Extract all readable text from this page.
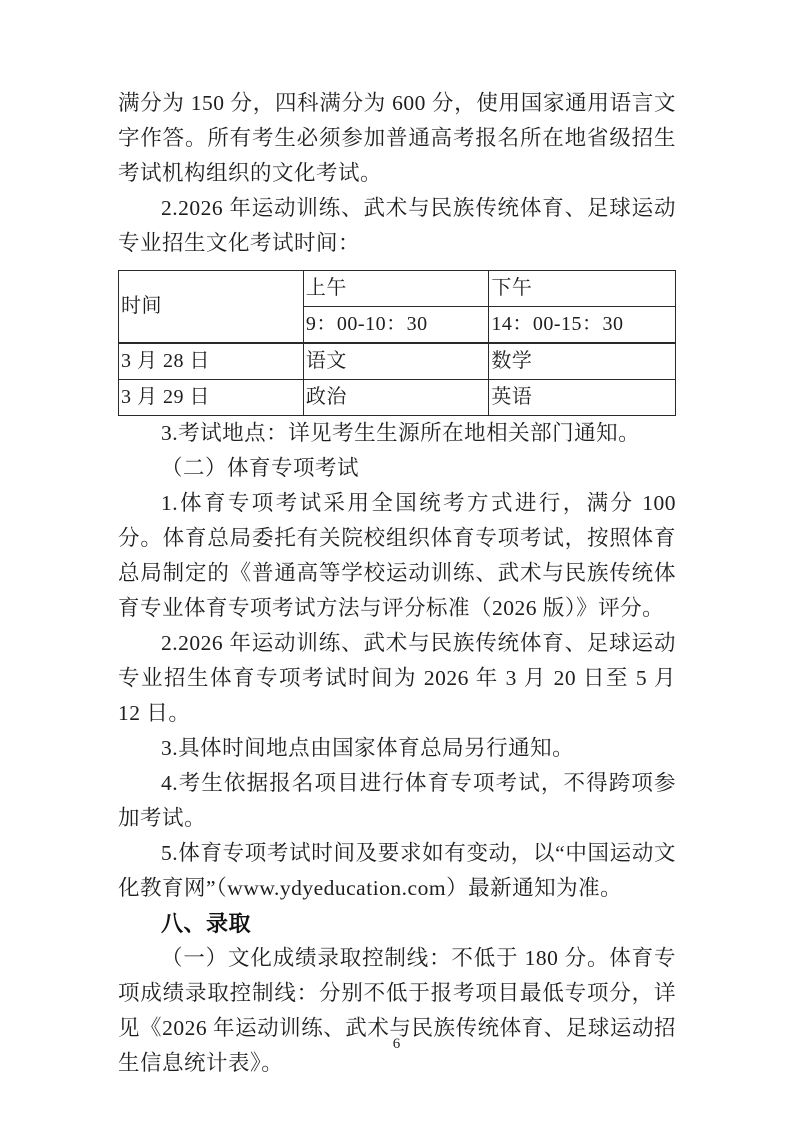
满分为 150 分，四科满分为 600 分，使用国家通用语言文字作答。所有考生必须参加普通高考报名所在地省级招生考试机构组织的文化考试。

2.2026 年运动训练、武术与民族传统体育、足球运动专业招生文化考试时间：

时间	上午	下午
	9：00-10：30	14：00-15：30
3 月 28 日	语文	数学
3 月 29 日	政治	英语

3.考试地点：详见考生生源所在地相关部门通知。

（二）体育专项考试

1.体育专项考试采用全国统考方式进行，满分 100 分。体育总局委托有关院校组织体育专项考试，按照体育总局制定的《普通高等学校运动训练、武术与民族传统体育专业体育专项考试方法与评分标准（2026 版）》评分。

2.2026 年运动训练、武术与民族传统体育、足球运动专业招生体育专项考试时间为 2026 年 3 月 20 日至 5 月 12 日。

3.具体时间地点由国家体育总局另行通知。

4.考生依据报名项目进行体育专项考试，不得跨项参加考试。

5.体育专项考试时间及要求如有变动，以“中国运动文化教育网”（www.ydyeducation.com）最新通知为准。

八、录取

（一）文化成绩录取控制线：不低于 180 分。体育专项成绩录取控制线：分别不低于报考项目最低专项分，详见《2026 年运动训练、武术与民族传统体育、足球运动招生信息统计表》。

6
